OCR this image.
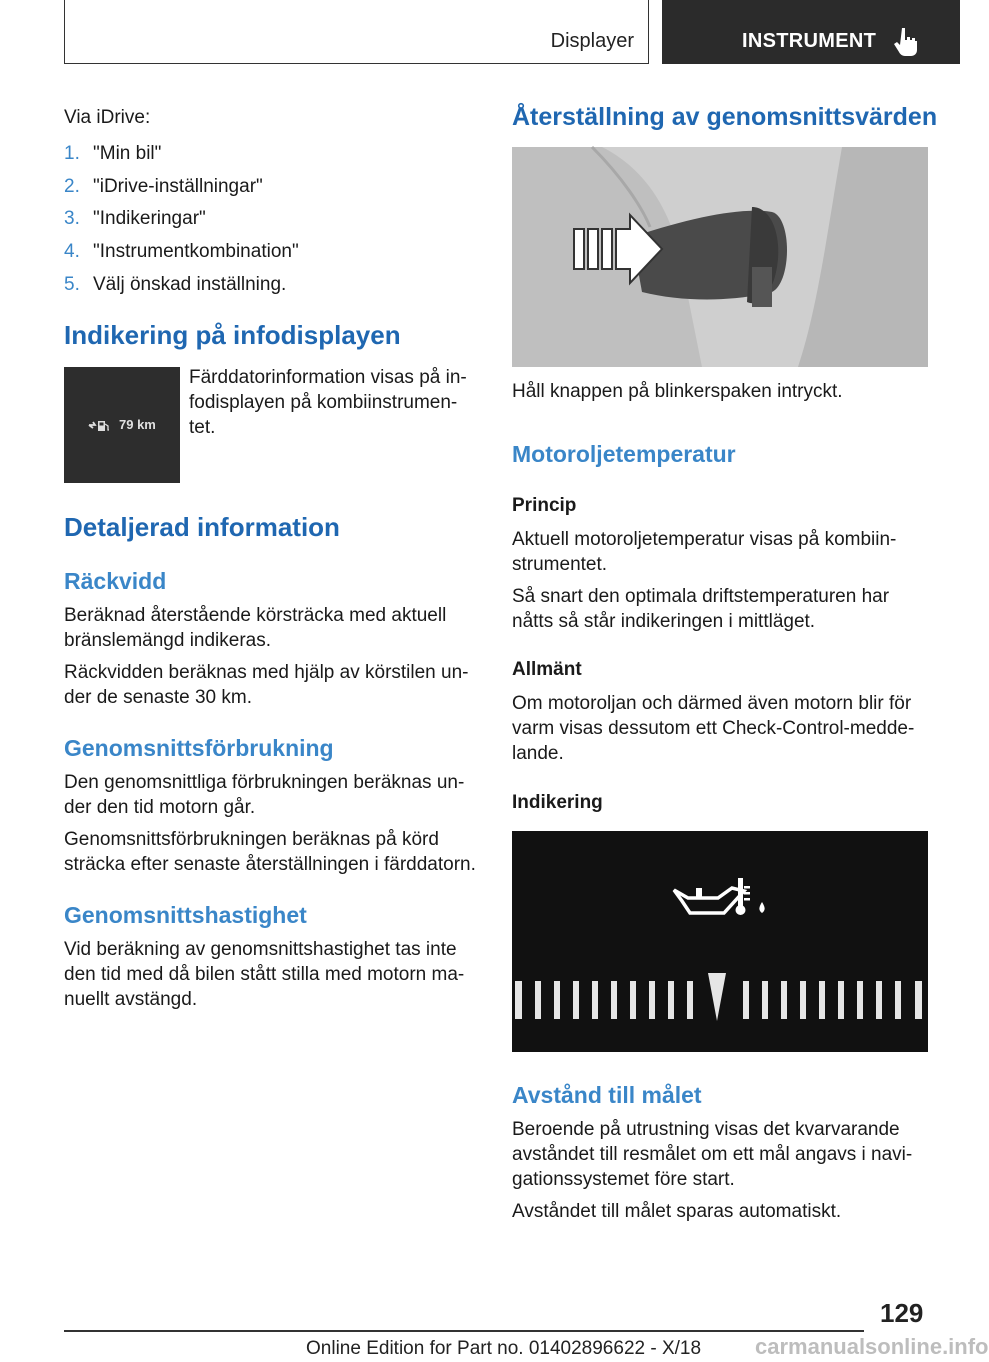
Displayer	INSTRUMENT
Via iDrive:
1. "Min bil"
2. "iDrive-inställningar"
3. "Indikeringar"
4. "Instrumentkombination"
5. Välj önskad inställning.
Indikering på infodisplayen
79 km
Färddatorinformation visas på in-
fodisplayen på kombiinstrumen-
tet.
Detaljerad information
Räckvidd
Beräknad återstående körsträcka med aktuell
bränslemängd indikeras.
Räckvidden beräknas med hjälp av körstilen un-
der de senaste 30 km.
Genomsnittsförbrukning
Den genomsnittliga förbrukningen beräknas un-
der den tid motorn går.
Genomsnittsförbrukningen beräknas på körd
sträcka efter senaste återställningen i färddatorn.
Genomsnittshastighet
Vid beräkning av genomsnittshastighet tas inte
den tid med då bilen stått stilla med motorn ma-
nuellt avstängd.
Återställning av genomsnittsvärden
Håll knappen på blinkerspaken intryckt.
Motoroljetemperatur
Princip
Aktuell motoroljetemperatur visas på kombiin-
strumentet.
Så snart den optimala driftstemperaturen har
nåtts så står indikeringen i mittläget.
Allmänt
Om motoroljan och därmed även motorn blir för
varm visas dessutom ett Check-Control-medde-
lande.
Indikering
Avstånd till målet
Beroende på utrustning visas det kvarvarande
avståndet till resmålet om ett mål angavs i navi-
gationssystemet före start.
Avståndet till målet sparas automatiskt.
129
Online Edition for Part no. 01402896622 - X/18 carmanualsonline.info
